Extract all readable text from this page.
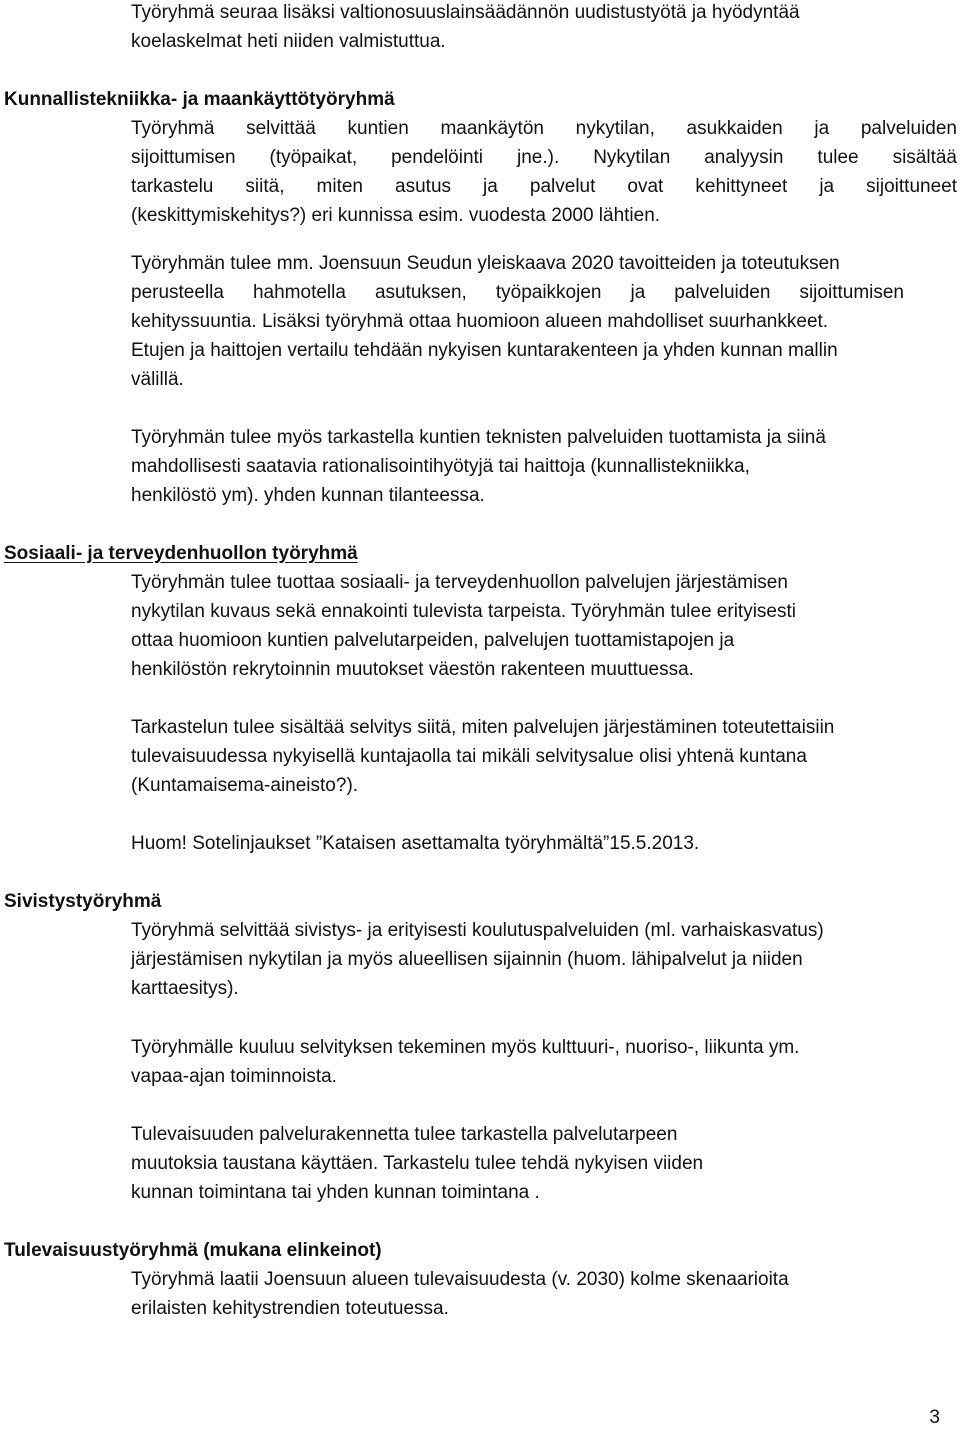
Työryhmä seuraa lisäksi valtionosuuslainsäädännön uudistustyötä ja hyödyntää

koelaskelmat heti niiden valmistuttua.

Kunnallistekniikka- ja maankäyttötyöryhmä

Työryhmä selvittää kuntien maankäytön nykytilan, asukkaiden ja palveluiden

sijoittumisen (työpaikat, pendelöinti jne.). Nykytilan analyysin tulee sisältää

tarkastelu siitä, miten asutus ja palvelut ovat kehittyneet ja sijoittuneet

(keskittymiskehitys?) eri kunnissa esim. vuodesta 2000 lähtien.

Työryhmän tulee mm. Joensuun Seudun yleiskaava 2020 tavoitteiden ja toteutuksen

perusteella hahmotella asutuksen, työpaikkojen ja palveluiden sijoittumisen

kehityssuuntia. Lisäksi työryhmä ottaa huomioon alueen mahdolliset suurhankkeet.

Etujen ja haittojen vertailu tehdään nykyisen kuntarakenteen ja yhden kunnan mallin

välillä.

Työryhmän tulee myös tarkastella kuntien teknisten palveluiden tuottamista ja siinä

mahdollisesti saatavia rationalisointihyötyjä tai haittoja (kunnallistekniikka,

henkilöstö ym). yhden kunnan tilanteessa.

Sosiaali- ja terveydenhuollon työryhmä

Työryhmän tulee tuottaa sosiaali- ja terveydenhuollon palvelujen järjestämisen

nykytilan kuvaus sekä ennakointi tulevista tarpeista. Työryhmän tulee erityisesti

ottaa huomioon kuntien palvelutarpeiden, palvelujen tuottamistapojen ja

henkilöstön rekrytoinnin muutokset väestön rakenteen muuttuessa.

Tarkastelun tulee sisältää selvitys siitä, miten palvelujen järjestäminen toteutettaisiin

tulevaisuudessa nykyisellä kuntajaolla tai mikäli selvitysalue olisi yhtenä kuntana

(Kuntamaisema-aineisto?).

Huom! Sotelinjaukset ”Kataisen asettamalta työryhmältä”15.5.2013.

Sivistystyöryhmä

Työryhmä selvittää sivistys- ja erityisesti koulutuspalveluiden (ml. varhaiskasvatus)

järjestämisen nykytilan ja myös alueellisen sijainnin (huom. lähipalvelut ja niiden

karttaesitys).

Työryhmälle kuuluu selvityksen tekeminen myös kulttuuri-, nuoriso-, liikunta ym.

vapaa-ajan toiminnoista.

Tulevaisuuden palvelurakennetta tulee tarkastella palvelutarpeen

muutoksia taustana käyttäen. Tarkastelu tulee tehdä nykyisen viiden

kunnan toimintana tai yhden kunnan toimintana .

Tulevaisuustyöryhmä (mukana elinkeinot)

Työryhmä laatii Joensuun alueen tulevaisuudesta (v. 2030) kolme skenaarioita

erilaisten kehitystrendien toteutuessa.

3
